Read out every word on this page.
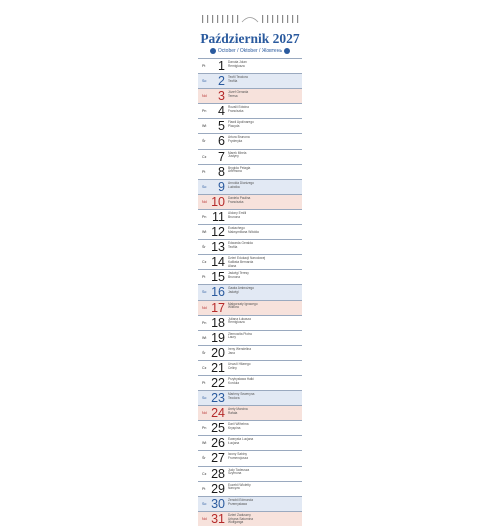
Październik 2027
October / Oktober / Жовтень
Pt 1 Danuta Jolan
Remigiusza
So 2 Teofil Teodora
Teofila
Nd 3 Józef Gerarda
Teresa
Pn 4 Rozalii Edwina
Franciszka
Wt 5 Flawii Apolinarego
Placyda
Śr 6 Artura Brunona
Fryderyka
Cz 7 Marek Mirela
Justyny
Pt 8 Brygida Pelagia
Artemona
So 9 Arnolda Dionizego
Ludwika
Nd 10 Daniela Paulina
Franciszka
Pn 11 Aldony Emilii
Brunona
Wt 12 Eustachego
Maksymiliana Witolda
Śr 13 Edwarda Geralda
Teofila
Cz 14 Dzień Edukacji Narodowej
Kaliksta Bernarda
Alana
Pt 15 Jadwigi Teresy
Brunona
So 16 Gawła Ambrożego
Jadwigi
Nd 17 Małgorzaty Ignacego
Wiktora
Pn 18 Juliana Łukasza
Remigiusza
Wt 19 Ziemowita Piotra
Laury
Śr 20 Ireny Wendelina
Jana
Cz 21 Urszuli Hilarego
Celiny
Pt 22 Przybysława Halki
Kordula
So 23 Marleny Seweryna
Teodora
Nd 24 Arety Marcina
Rafała
Pn 25 Darii Wilhelma
Kryspina
Wt 26 Ewarysta Lucjana
Łucjana
Śr 27 Iwony Sabiny
Frumencjusza
Cz 28 Judy Tadeusza
Szymona
Pt 29 Euzebii Wioletty
Narcyza
So 30 Zenobii Edmunda
Przemysława
Nd 31 Dzień Zaduszny
Urbana Saturnina
Wolfganga
